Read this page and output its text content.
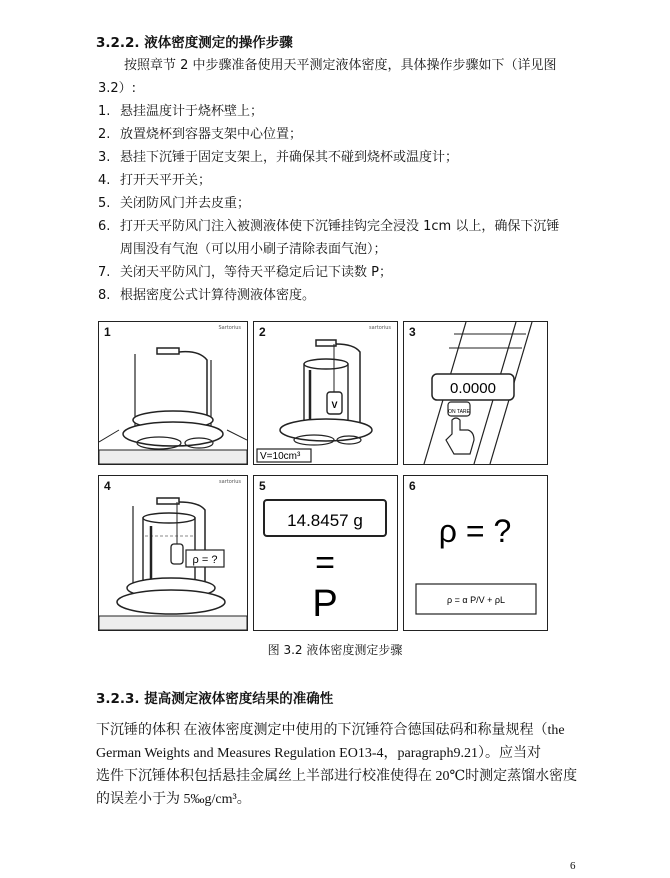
3.2.2. 液体密度测定的操作步骤
按照章节 2 中步骤准备使用天平测定液体密度，具体操作步骤如下（详见图
3.2）:
1. 悬挂温度计于烧杯壁上；
2. 放置烧杯到容器支架中心位置；
3. 悬挂下沉锤于固定支架上，并确保其不碰到烧杯或温度计；
4. 打开天平开关；
5. 关闭防风门并去皮重；
6. 打开天平防风门注入被测液体使下沉锤挂钩完全浸没 1cm 以上，确保下沉锤
周围没有气泡（可以用小刷子清除表面气泡）；
7. 关闭天平防风门，等待天平稳定后记下读数 P；
8. 根据密度公式计算待测液体密度。
1	Sartorius 2	sartorius
V
V=10cm³
3
0.0000
ON TARE
4	sartorius
ρ = ?
5
14.8457 g
=
P
6
ρ = ?
ρ = α P/V + ρL
图 3.2 液体密度测定步骤
3.2.3. 提高测定液体密度结果的准确性
下沉锤的体积 在液体密度测定中使用的下沉锤符合德国砝码和称量规程（the
German Weights and Measures Regulation EO13-4，paragraph9.21）。应当对
选件下沉锤体积包括悬挂金属丝上半部进行校准使得在 20℃时测定蒸馏水密度
的误差小于为 5‰g/cm³。
6
